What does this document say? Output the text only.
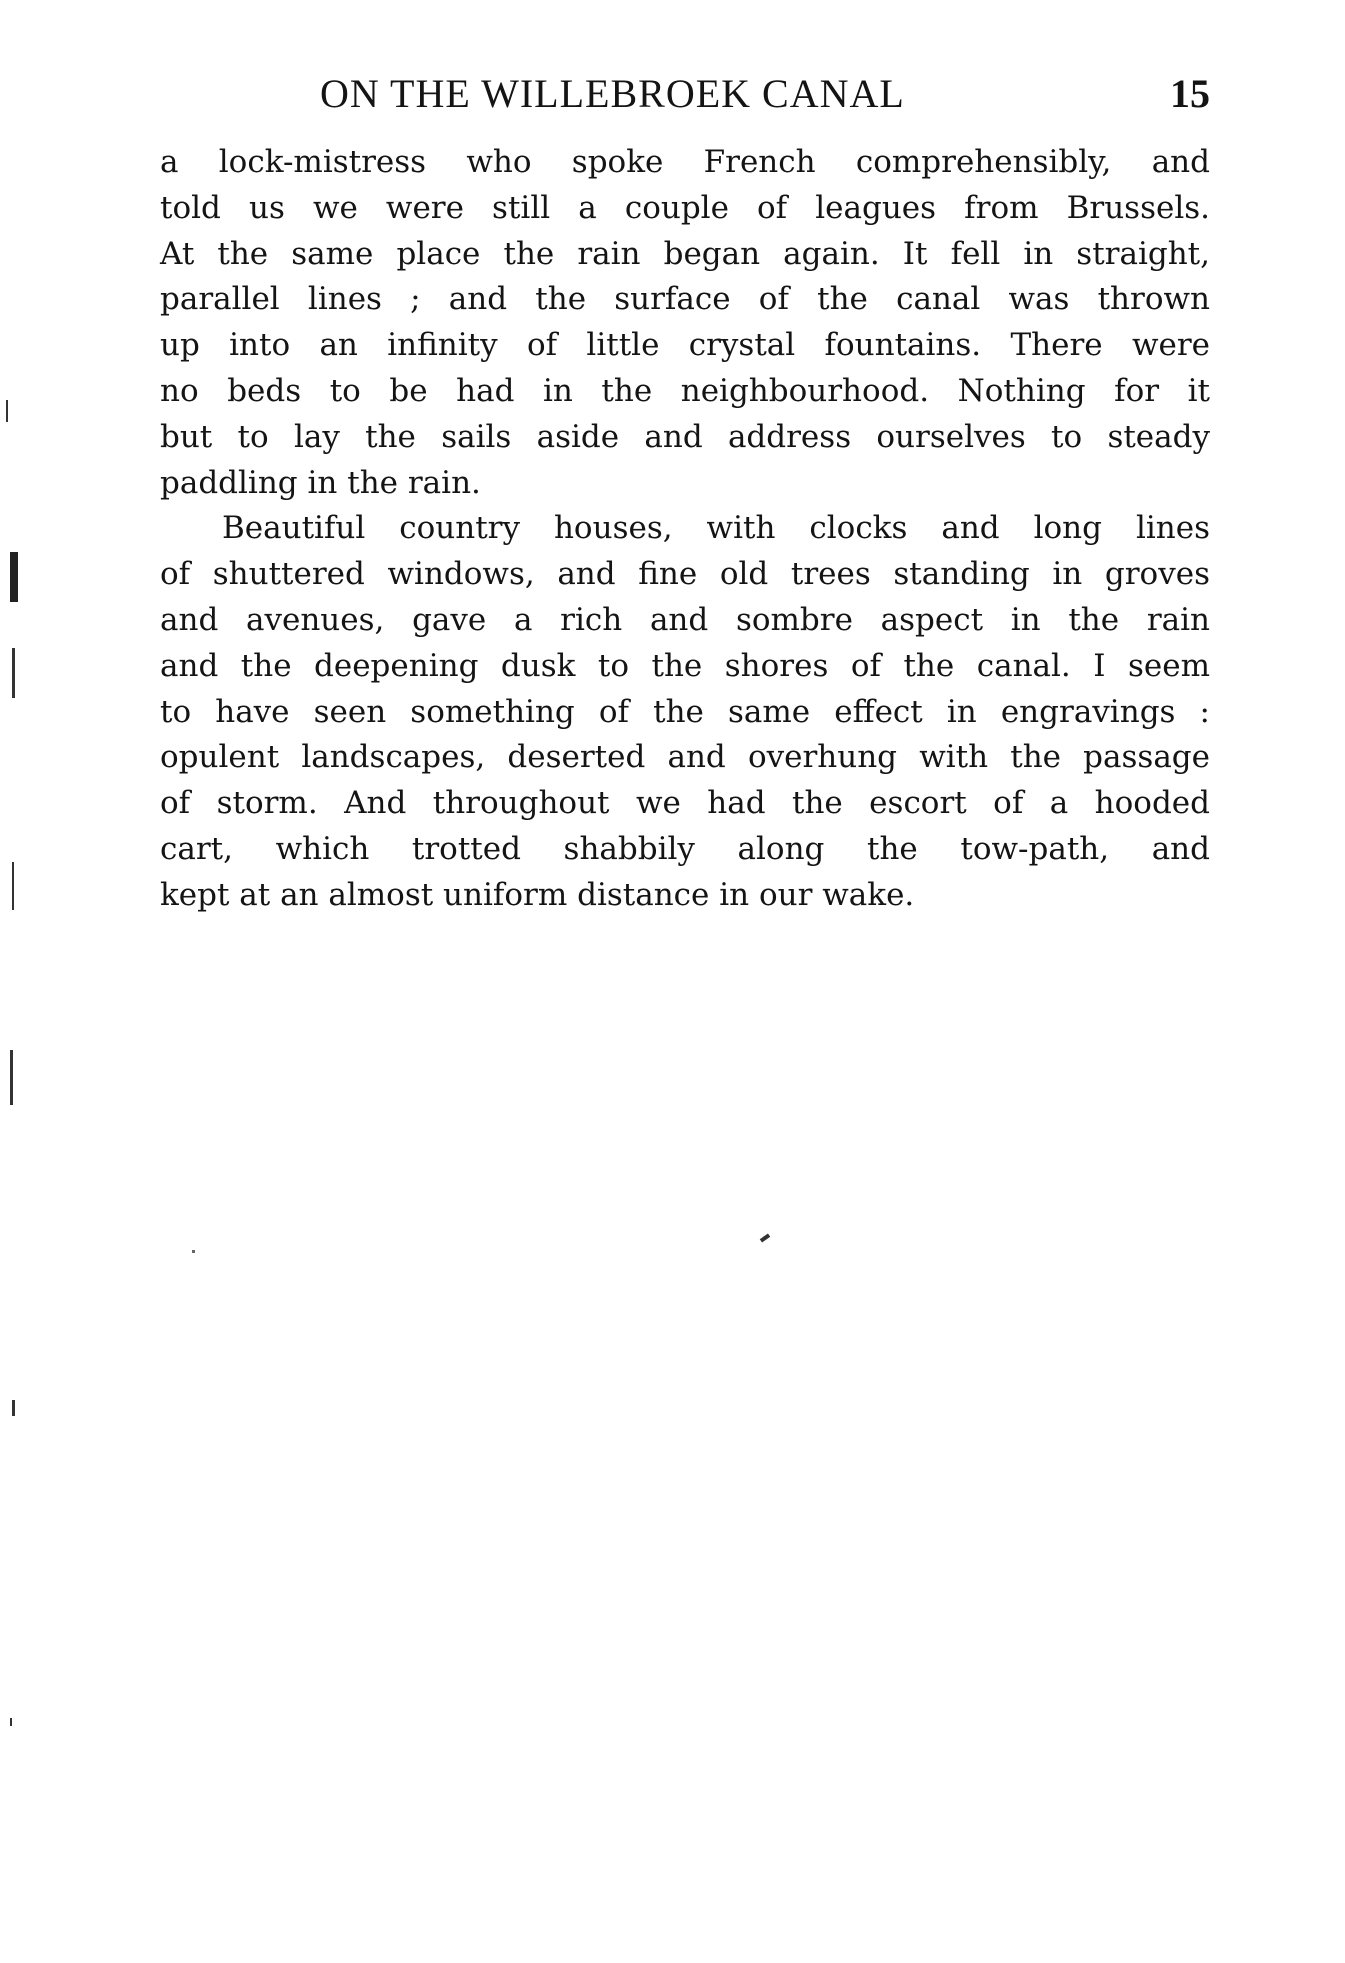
ON THE WILLEBROEK CANAL	15
a lock-mistress who spoke French comprehensibly, and
told us we were still a couple of leagues from Brussels.
At the same place the rain began again. It fell in straight,
parallel lines ; and the surface of the canal was thrown
up into an infinity of little crystal fountains. There were
no beds to be had in the neighbourhood. Nothing for it
but to lay the sails aside and address ourselves to steady
paddling in the rain.
Beautiful country houses, with clocks and long lines
of shuttered windows, and fine old trees standing in groves
and avenues, gave a rich and sombre aspect in the rain
and the deepening dusk to the shores of the canal. I seem
to have seen something of the same effect in engravings :
opulent landscapes, deserted and overhung with the passage
of storm. And throughout we had the escort of a hooded
cart, which trotted shabbily along the tow-path, and
kept at an almost uniform distance in our wake.
